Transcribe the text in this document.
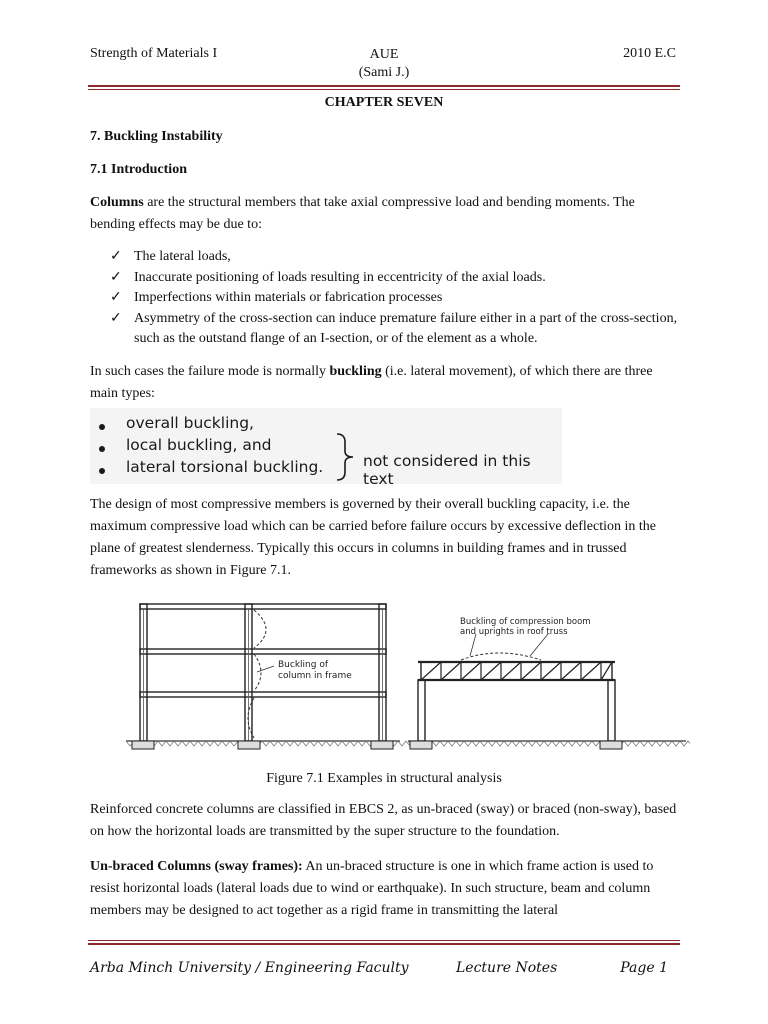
Strength of Materials I	AUE
(Sami J.)
2010 E.C
CHAPTER SEVEN
7. Buckling Instability
7.1 Introduction
Columns are the structural members that take axial compressive load and bending moments. The bending effects may be due to:
✓ The lateral loads,
✓ Inaccurate positioning of loads resulting in eccentricity of the axial loads.
✓ Imperfections within materials or fabrication processes
✓ Asymmetry of the cross-section can induce premature failure either in a part of the cross-section, such as the outstand flange of an I-section, or of the element as a whole.
In such cases the failure mode is normally buckling (i.e. lateral movement), of which there are three main types:
overall buckling,
local buckling, and
lateral torsional buckling.	not considered in this text
The design of most compressive members is governed by their overall buckling capacity, i.e. the maximum compressive load which can be carried before failure occurs by excessive deflection in the plane of greatest slenderness. Typically this occurs in columns in building frames and in trussed frameworks as shown in Figure 7.1.
Buckling of
column in frame
Buckling of compression boom
and uprights in roof truss
Figure 7.1 Examples in structural analysis
Reinforced concrete columns are classified in EBCS 2, as un-braced (sway) or braced (non-sway), based on how the horizontal loads are transmitted by the super structure to the foundation.
Un-braced Columns (sway frames): An un-braced structure is one in which frame action is used to resist horizontal loads (lateral loads due to wind or earthquake). In such structure, beam and column members may be designed to act together as a rigid frame in transmitting the lateral
Arba Minch University / Engineering Faculty	Lecture Notes	Page 1
